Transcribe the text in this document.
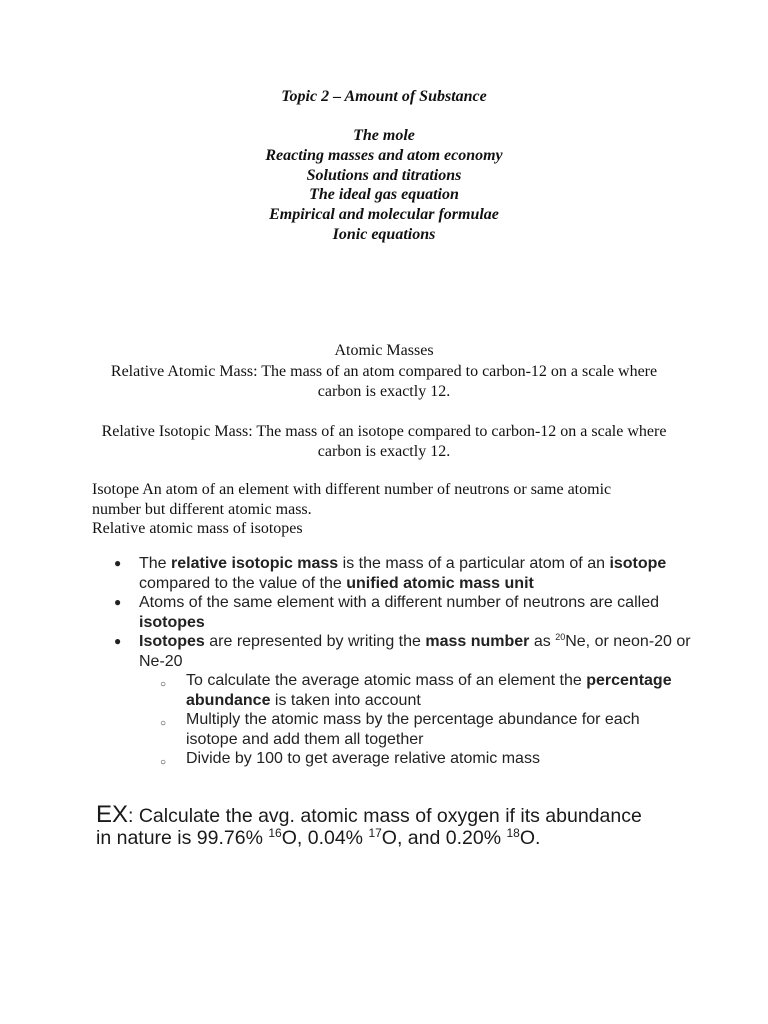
Topic 2 – Amount of Substance
The mole
Reacting masses and atom economy
Solutions and titrations
The ideal gas equation
Empirical and molecular formulae
Ionic equations
Atomic Masses
Relative Atomic Mass: The mass of an atom compared to carbon-12 on a scale where carbon is exactly 12.
Relative Isotopic Mass: The mass of an isotope compared to carbon-12 on a scale where carbon is exactly 12.
Isotope An atom of an element with different number of neutrons or same atomic number but different atomic mass.
Relative atomic mass of isotopes
● The relative isotopic mass is the mass of a particular atom of an isotope compared to the value of the unified atomic mass unit
● Atoms of the same element with a different number of neutrons are called isotopes
● Isotopes are represented by writing the mass number as $^{20}$Ne, or neon-20 or Ne-20
○ To calculate the average atomic mass of an element the percentage abundance is taken into account
○ Multiply the atomic mass by the percentage abundance for each isotope and add them all together
○ Divide by 100 to get average relative atomic mass
EX: Calculate the avg. atomic mass of oxygen if its abundance in nature is 99.76% $^{16}$O, 0.04% $^{17}$O, and 0.20% $^{18}$O.
